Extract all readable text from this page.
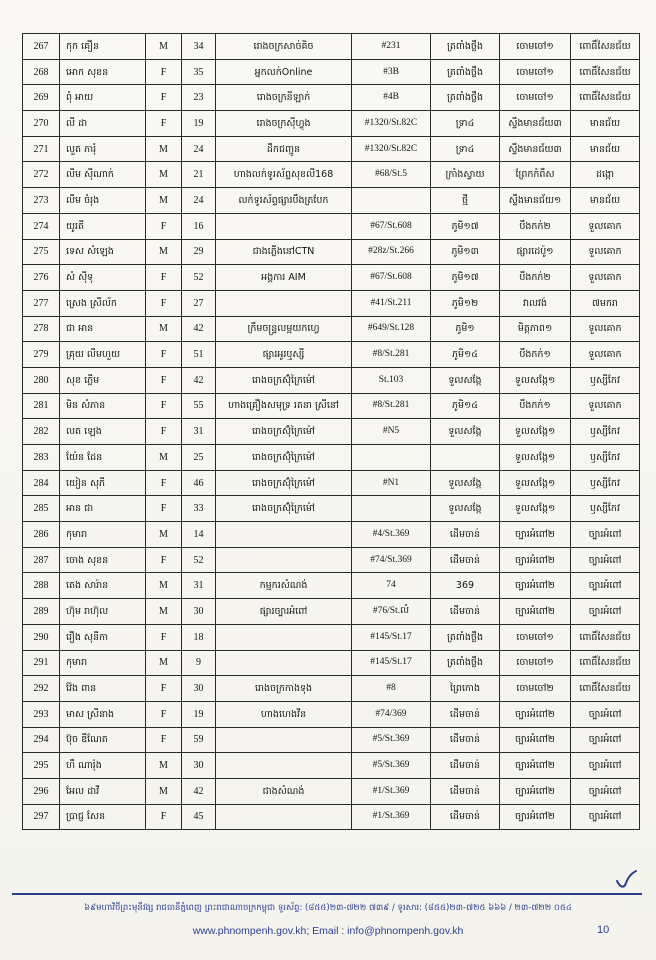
267	កុក គឿន	M	34	រោងចក្រសាច់គិច	#231	ត្រពាំងថ្លឹង	ចោមចៅ១	ពោធិ៍សែនជ័យ
268	អោក សុខន	F	35	អ្នកលក់Online	#3B	ត្រពាំងថ្លឹង	ចោមចៅ១	ពោធិ៍សែនជ័យ
269	ពុំ អាយ	F	23	រោងចក្រនីឡាក់	#4B	ត្រពាំងថ្លឹង	ចោមចៅ១	ពោធិ៍សែនជ័យ
270	លី ដា	F	19	រោងចក្រស៊ីហ្វុង	#1320/St.82C	ទ្រា៤	ស្ទឹងមានជ័យ៣	មានជ័យ
271	លួត ភារុំ	M	24	ដឹកជញ្ជូន	#1320/St.82C	ទ្រា៤	ស្ទឹងមានជ័យ៣	មានជ័យ
272	លីម ស៊ីណាក់	M	21	ហាងលក់ទូរស័ព្ទសុខលី168	#68/St.5	ក្រាំងស្វាយ	ព្រែកកំពឹស	ដង្កោ
273	លីម ចំរុង	M	24	លក់ទូរស័ព្ទផ្សារបឹងត្របែក		ថ្មី	ស្ទឹងមានជ័យ១	មានជ័យ
274	យូរតី	F	16		#67/St.608	ភូមិ១៧	បឹងកក់២	ទួលគោក
275	ទេស សំឡេង	M	29	ជាងភ្លើងនៅCTN	#28z/St.266	ភូមិ១៣	ផ្សារដេប៉ូ១	ទួលគោក
276	សំ ស៊ីទុ	F	52	អង្គការ AIM	#67/St.608	ភូមិ១៧	បឹងកក់២	ទួលគោក
277	ស្រេង ស្រីល័ក	F	27		#41/St.211	ភូមិ១២	វាលវង់	៧មករា
278	ជា អាន	M	42	ក្រឹមចន្ទ្រលម្អយកហ្វេ	#649/St.128	ភូមិ១	មិត្តភាព១	ទួលគោក
279	គ្រុយ លីមហួយ	F	51	ផ្សារអូរឬស្សី	#8/St.281	ភូមិ១៤	បឹងកក់១	ទួលគោក
280	សុខ ភ្លើម	F	42	រោងចក្រស៊ុំក្រៃម៉ៅ	St.103	ទួលសង្កែ	ទួលសង្កែ១	ឫស្សីកែវ
281	មិន សំភាន	F	55	ហាងគ្រឿងសមុទ្រ រតនា ស្រីនៅ	#8/St.281	ភូមិ១៤	បឹងកក់១	ទួលគោក
282	លត ឡេង	F	31	រោងចក្រស៊ុំក្រៃម៉ៅ	#N5	ទួលសង្កែ	ទួលសង្កែ១	ឫស្សីកែវ
283	យ៉ែន ដែន	M	25	រោងចក្រស៊ុំក្រៃម៉ៅ			ទួលសង្កែ១	ឫស្សីកែវ
284	យៀន សុភី	F	46	រោងចក្រស៊ុំក្រៃម៉ៅ	#N1	ទួលសង្កែ	ទួលសង្កែ១	ឫស្សីកែវ
285	អាន ជា	F	33	រោងចក្រស៊ុំក្រៃម៉ៅ		ទួលសង្កែ	ទួលសង្កែ១	ឫស្សីកែវ
286	កុមារា	M	14		#4/St.369	ដើមចាន់	ច្បារអំពៅ២	ច្បារអំពៅ
287	ចោង សុខន	F	52		#74/St.369	ដើមចាន់	ច្បារអំពៅ២	ច្បារអំពៅ
288	តេង សារ៉ាន	M	31	កម្មករសំណង់	74	369	ច្បារអំពៅ២	ច្បារអំពៅ
289	ហ៊ុម រាហ៊ុល	M	30	ផ្សារច្បារអំពៅ	#76/St.លំ	ដើមចាន់	ច្បារអំពៅ២	ច្បារអំពៅ
290	រឿង សុនីកា	F	18		#145/St.17	ត្រពាំងថ្លឹង	ចោមចៅ១	ពោធិ៍សែនជ័យ
291	កុមារា	M	9		#145/St.17	ត្រពាំងថ្លឹង	ចោមចៅ១	ពោធិ៍សែនជ័យ
292	វ៉ែង ពាន	F	30	រោងចក្រកាងទុង	#8	ព្រៃកោង	ចោមចៅ២	ពោធិ៍សែនជ័យ
293	មាស ស្រីនាង	F	19	ហាងហេងវីន	#74/369	ដើមចាន់	ច្បារអំពៅ២	ច្បារអំពៅ
294	ប៊ុច ឌីណែត	F	59		#5/St.369	ដើមចាន់	ច្បារអំពៅ២	ច្បារអំពៅ
295	ហឺ ណារ៉ុង	M	30		#5/St.369	ដើមចាន់	ច្បារអំពៅ២	ច្បារអំពៅ
296	អែល ដាវី	M	42	ជាងសំណង់	#1/St.369	ដើមចាន់	ច្បារអំពៅ២	ច្បារអំពៅ
297	ប្រាជ្ញ សែន	F	45		#1/St.369	ដើមចាន់	ច្បារអំពៅ២	ច្បារអំពៅ
៦៩មហាវិថីព្រះមុនីវង្ស រាជធានីភ្នំពេញ ព្រះរាជាណាចក្រកម្ពុជា ទូរស័ព្ទ: (៨៥៥)២៣-៧២២ ៧៣៩ / ទូរសារ: (៨៥៥)២៣-៧២៥ ៦៦៦ / ២៣-៧២២ ០៥៤
www.phnompenh.gov.kh; Email : info@phnompenh.gov.kh	10
